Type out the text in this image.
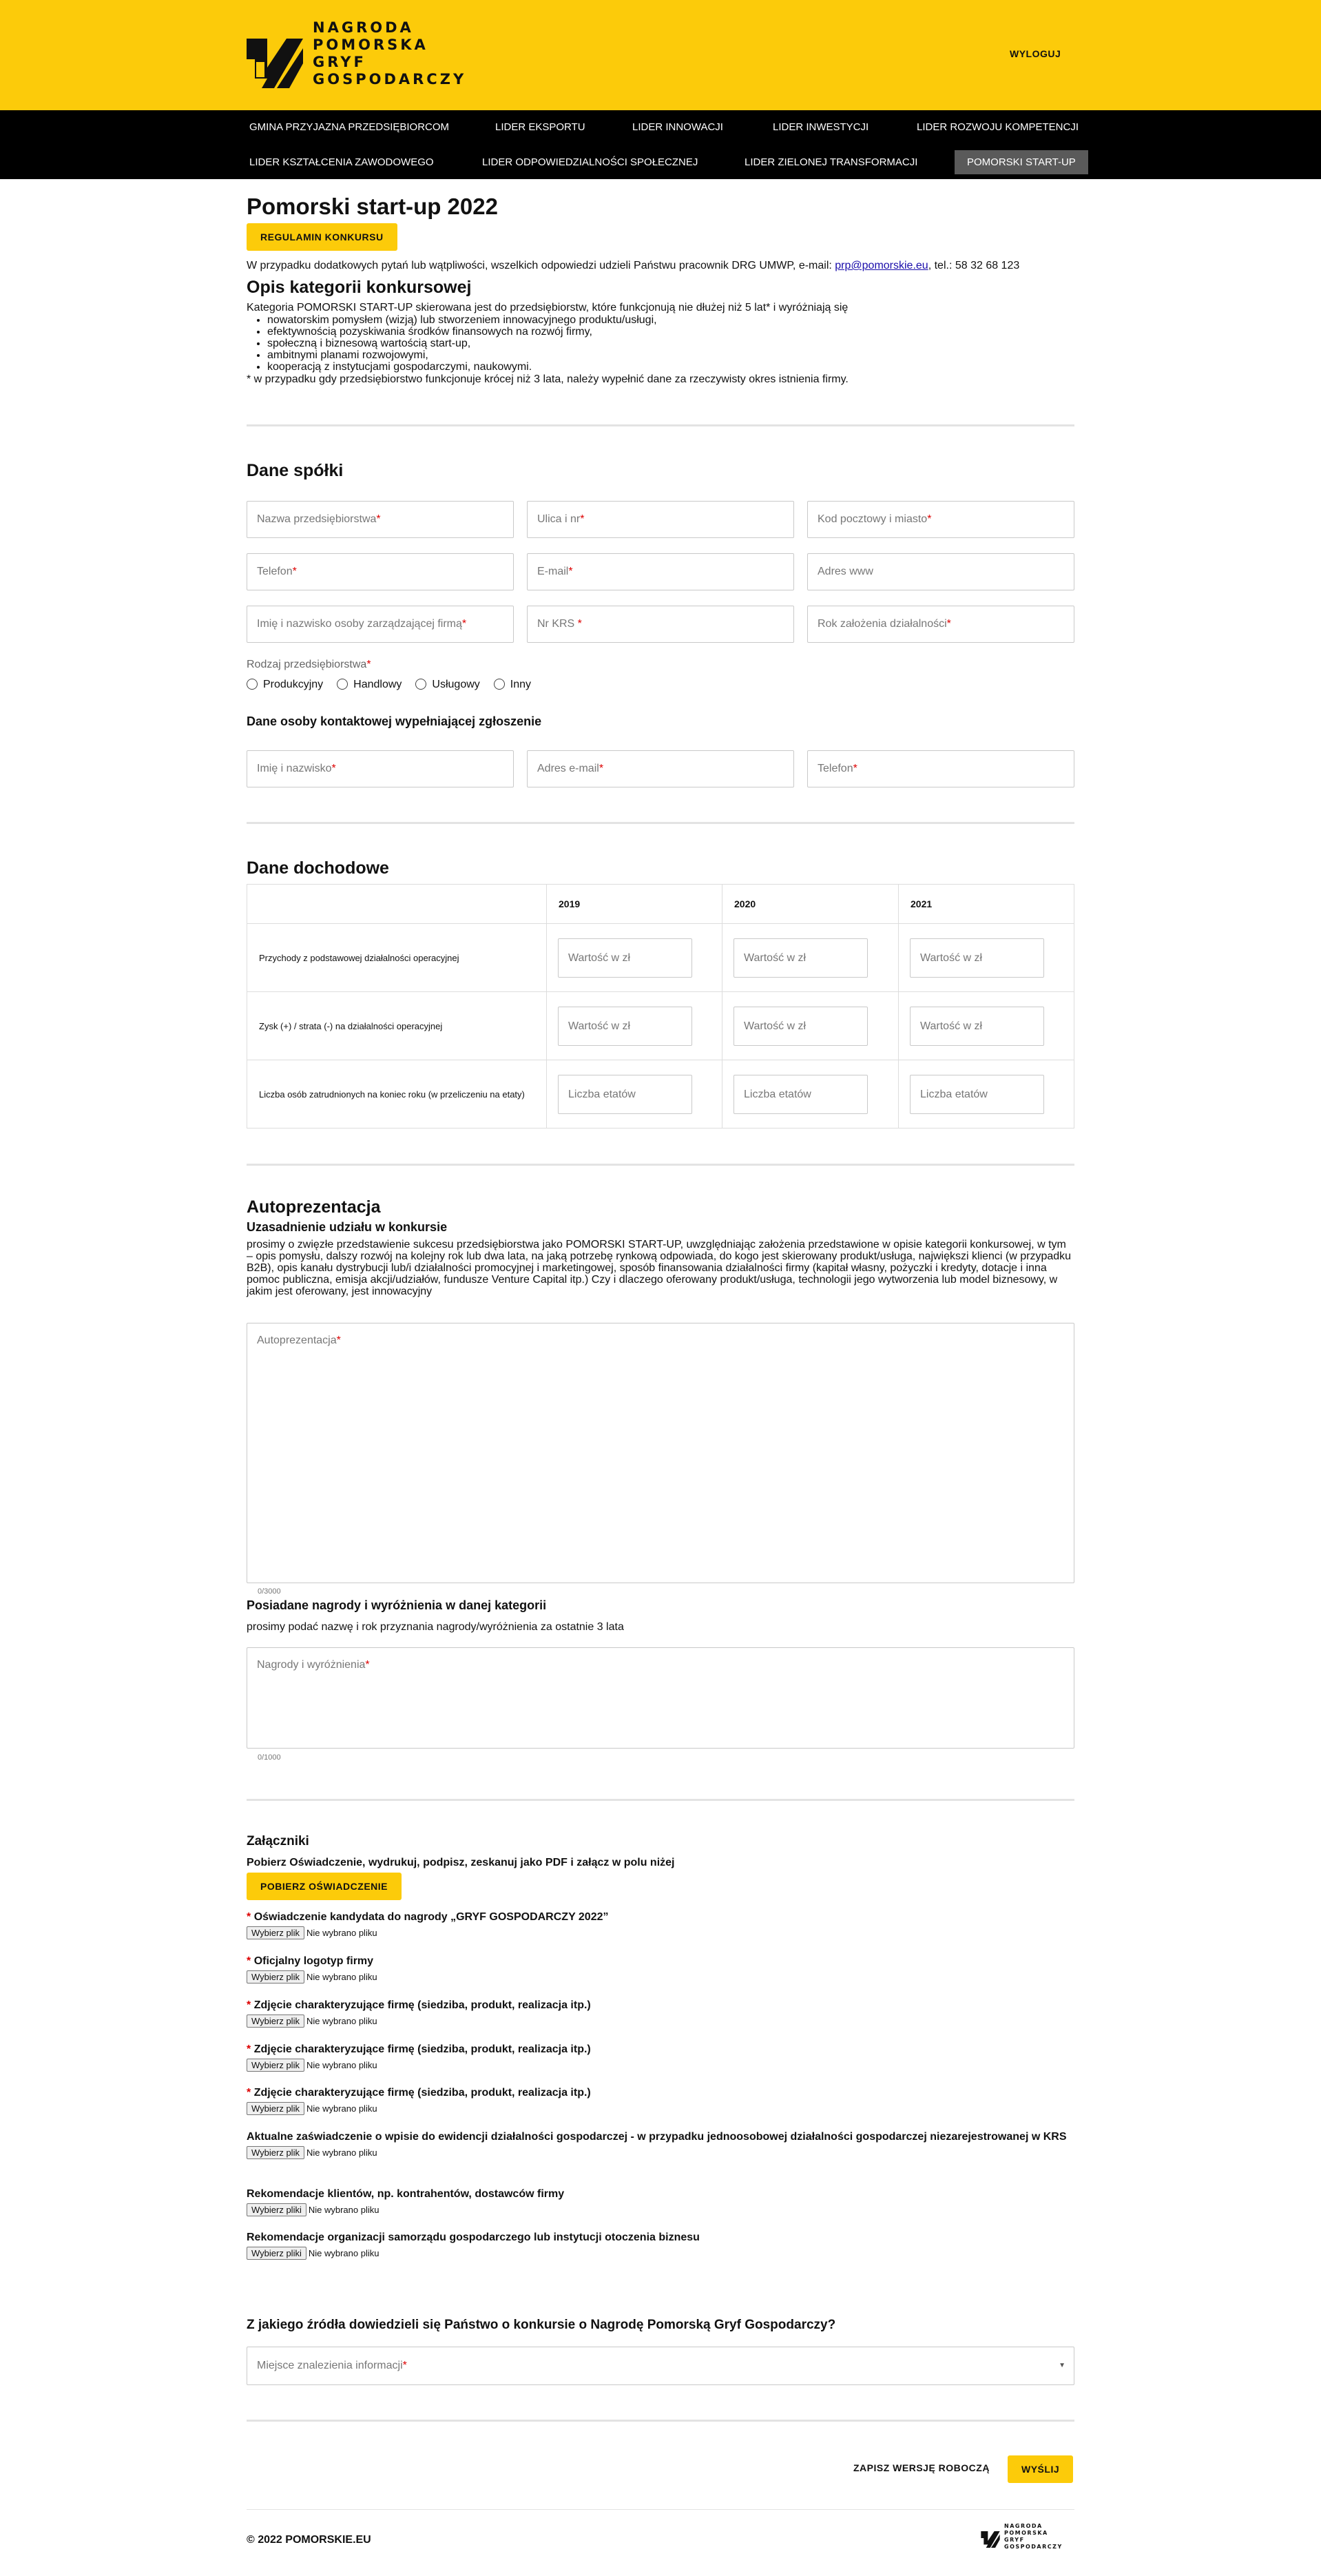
NAGRODA
POMORSKA
GRYF
GOSPODARCZY
WYLOGUJ
GMINA PRZYJAZNA PRZEDSIĘBIORCOM	LIDER EKSPORTU	LIDER INNOWACJI	LIDER INWESTYCJI	LIDER ROZWOJU KOMPETENCJI
LIDER KSZTAŁCENIA ZAWODOWEGO	LIDER ODPOWIEDZIALNOŚCI SPOŁECZNEJ	LIDER ZIELONEJ TRANSFORMACJI	POMORSKI START-UP
Pomorski start-up 2022
REGULAMIN KONKURSU
W przypadku dodatkowych pytań lub wątpliwości, wszelkich odpowiedzi udzieli Państwu pracownik DRG UMWP, e-mail: prp@pomorskie.eu, tel.: 58 32 68 123
Opis kategorii konkursowej
Kategoria POMORSKI START-UP skierowana jest do przedsiębiorstw, które funkcjonują nie dłużej niż 5 lat* i wyróżniają się
• nowatorskim pomysłem (wizją) lub stworzeniem innowacyjnego produktu/usługi,
• efektywnością pozyskiwania środków finansowych na rozwój firmy,
• społeczną i biznesową wartością start-up,
• ambitnymi planami rozwojowymi,
• kooperacją z instytucjami gospodarczymi, naukowymi.
* w przypadku gdy przedsiębiorstwo funkcjonuje krócej niż 3 lata, należy wypełnić dane za rzeczywisty okres istnienia firmy.
Dane spółki
Nazwa przedsiębiorstwa*	Ulica i nr*	Kod pocztowy i miasto*
Telefon*	E-mail*	Adres www
Imię i nazwisko osoby zarządzającej firmą*	Nr KRS *	Rok założenia działalności*
Rodzaj przedsiębiorstwa*
Produkcyjny	Handlowy	Usługowy	Inny
Dane osoby kontaktowej wypełniającej zgłoszenie
Imię i nazwisko*	Adres e-mail*	Telefon*
Dane dochodowe
	2019	2020	2021
Przychody z podstawowej działalności operacyjnej	Wartość w zł	Wartość w zł	Wartość w zł

Zysk (+) / strata (-) na działalności operacyjnej	Wartość w zł	Wartość w zł	Wartość w zł

Liczba osób zatrudnionych na koniec roku (w przeliczeniu na etaty)	Liczba etatów	Liczba etatów	Liczba etatów
Autoprezentacja
Uzasadnienie udziału w konkursie
prosimy o zwięzłe przedstawienie sukcesu przedsiębiorstwa jako POMORSKI START-UP, uwzględniając założenia przedstawione w opisie kategorii konkursowej, w tym – opis pomysłu, dalszy rozwój na kolejny rok lub dwa lata, na jaką potrzebę rynkową odpowiada, do kogo jest skierowany produkt/usługa, największi klienci (w przypadku B2B), opis kanału dystrybucji lub/i działalności promocyjnej i marketingowej, sposób finansowania działalności firmy (kapitał własny, pożyczki i kredyty, dotacje i inna pomoc publiczna, emisja akcji/udziałów, fundusze Venture Capital itp.) Czy i dlaczego oferowany produkt/usługa, technologii jego wytworzenia lub model biznesowy, w jakim jest oferowany, jest innowacyjny
Autoprezentacja*
0/3000
Posiadane nagrody i wyróżnienia w danej kategorii
prosimy podać nazwę i rok przyznania nagrody/wyróżnienia za ostatnie 3 lata
Nagrody i wyróżnienia*
0/1000
Załączniki
Pobierz Oświadczenie, wydrukuj, podpisz, zeskanuj jako PDF i załącz w polu niżej
POBIERZ OŚWIADCZENIE
* Oświadczenie kandydata do nagrody „GRYF GOSPODARCZY 2022”
Wybierz plik Nie wybrano pliku
* Oficjalny logotyp firmy
Wybierz plik Nie wybrano pliku
* Zdjęcie charakteryzujące firmę (siedziba, produkt, realizacja itp.)
Wybierz plik Nie wybrano pliku
* Zdjęcie charakteryzujące firmę (siedziba, produkt, realizacja itp.)
Wybierz plik Nie wybrano pliku
* Zdjęcie charakteryzujące firmę (siedziba, produkt, realizacja itp.)
Wybierz plik Nie wybrano pliku
Aktualne zaświadczenie o wpisie do ewidencji działalności gospodarczej - w przypadku jednoosobowej działalności gospodarczej niezarejestrowanej w KRS
Wybierz plik Nie wybrano pliku
Rekomendacje klientów, np. kontrahentów, dostawców firmy
Wybierz pliki Nie wybrano pliku
Rekomendacje organizacji samorządu gospodarczego lub instytucji otoczenia biznesu
Wybierz pliki Nie wybrano pliku
Z jakiego źródła dowiedzieli się Państwo o konkursie o Nagrodę Pomorską Gryf Gospodarczy?
Miejsce znalezienia informacji*	▼
ZAPISZ WERSJĘ ROBOCZĄ	WYŚLIJ
© 2022 POMORSKIE.EU
NAGRODA
POMORSKA
GRYF
GOSPODARCZY
